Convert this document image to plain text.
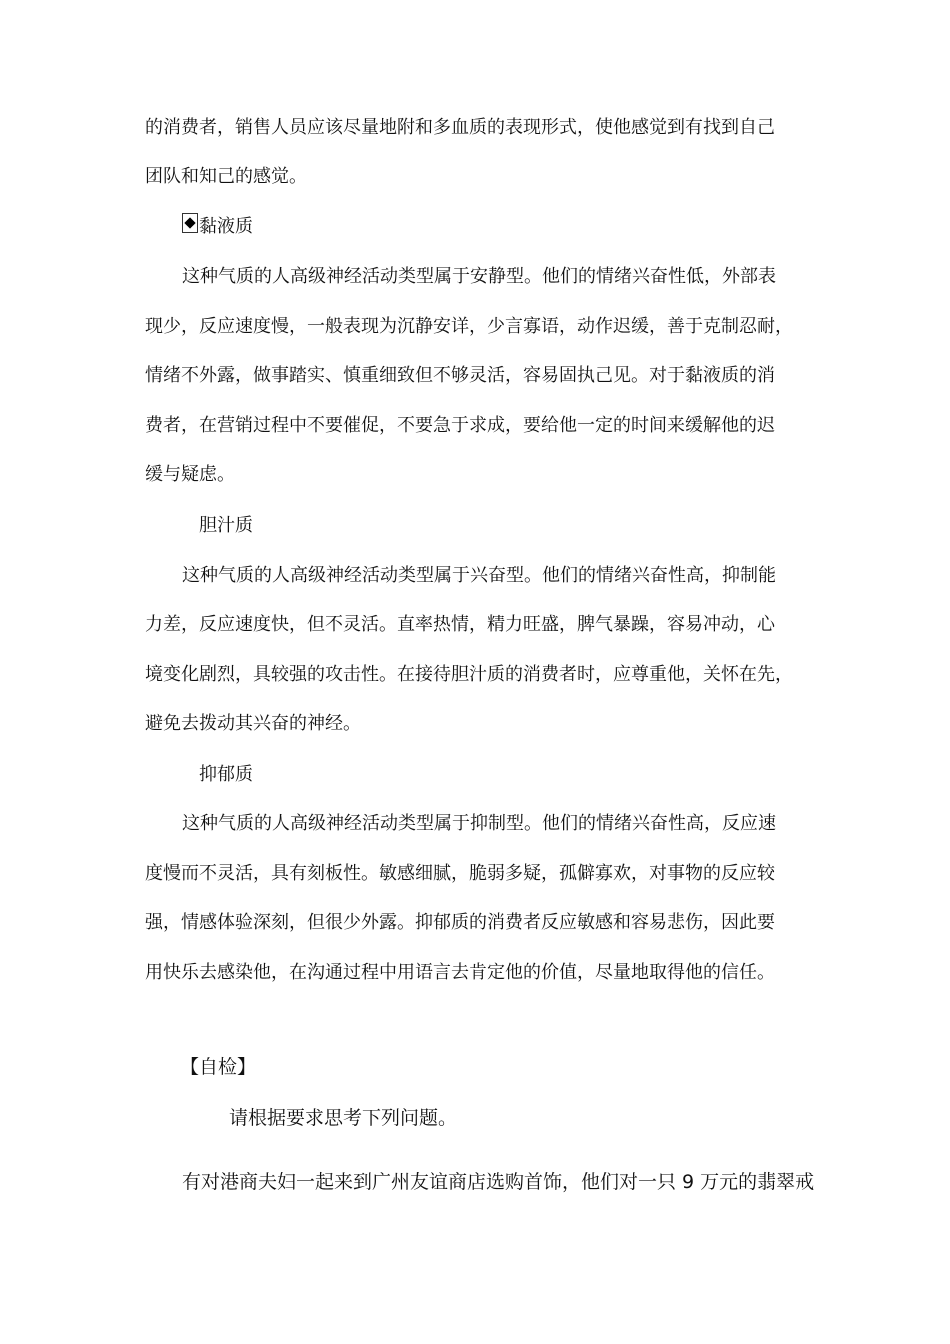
的消费者，销售人员应该尽量地附和多血质的表现形式，使他感觉到有找到自己
团队和知己的感觉。
黏液质
这种气质的人高级神经活动类型属于安静型。他们的情绪兴奋性低，外部表
现少，反应速度慢，一般表现为沉静安详，少言寡语，动作迟缓，善于克制忍耐，
情绪不外露，做事踏实、慎重细致但不够灵活，容易固执己见。对于黏液质的消
费者，在营销过程中不要催促，不要急于求成，要给他一定的时间来缓解他的迟
缓与疑虑。
胆汁质
这种气质的人高级神经活动类型属于兴奋型。他们的情绪兴奋性高，抑制能
力差，反应速度快，但不灵活。直率热情，精力旺盛，脾气暴躁，容易冲动，心
境变化剧烈，具较强的攻击性。在接待胆汁质的消费者时，应尊重他，关怀在先，
避免去拨动其兴奋的神经。
抑郁质
这种气质的人高级神经活动类型属于抑制型。他们的情绪兴奋性高，反应速
度慢而不灵活，具有刻板性。敏感细腻，脆弱多疑，孤僻寡欢，对事物的反应较
强，情感体验深刻，但很少外露。抑郁质的消费者反应敏感和容易悲伤，因此要
用快乐去感染他，在沟通过程中用语言去肯定他的价值，尽量地取得他的信任。
【自检】
请根据要求思考下列问题。
有对港商夫妇一起来到广州友谊商店选购首饰，他们对一只 9 万元的翡翠戒
